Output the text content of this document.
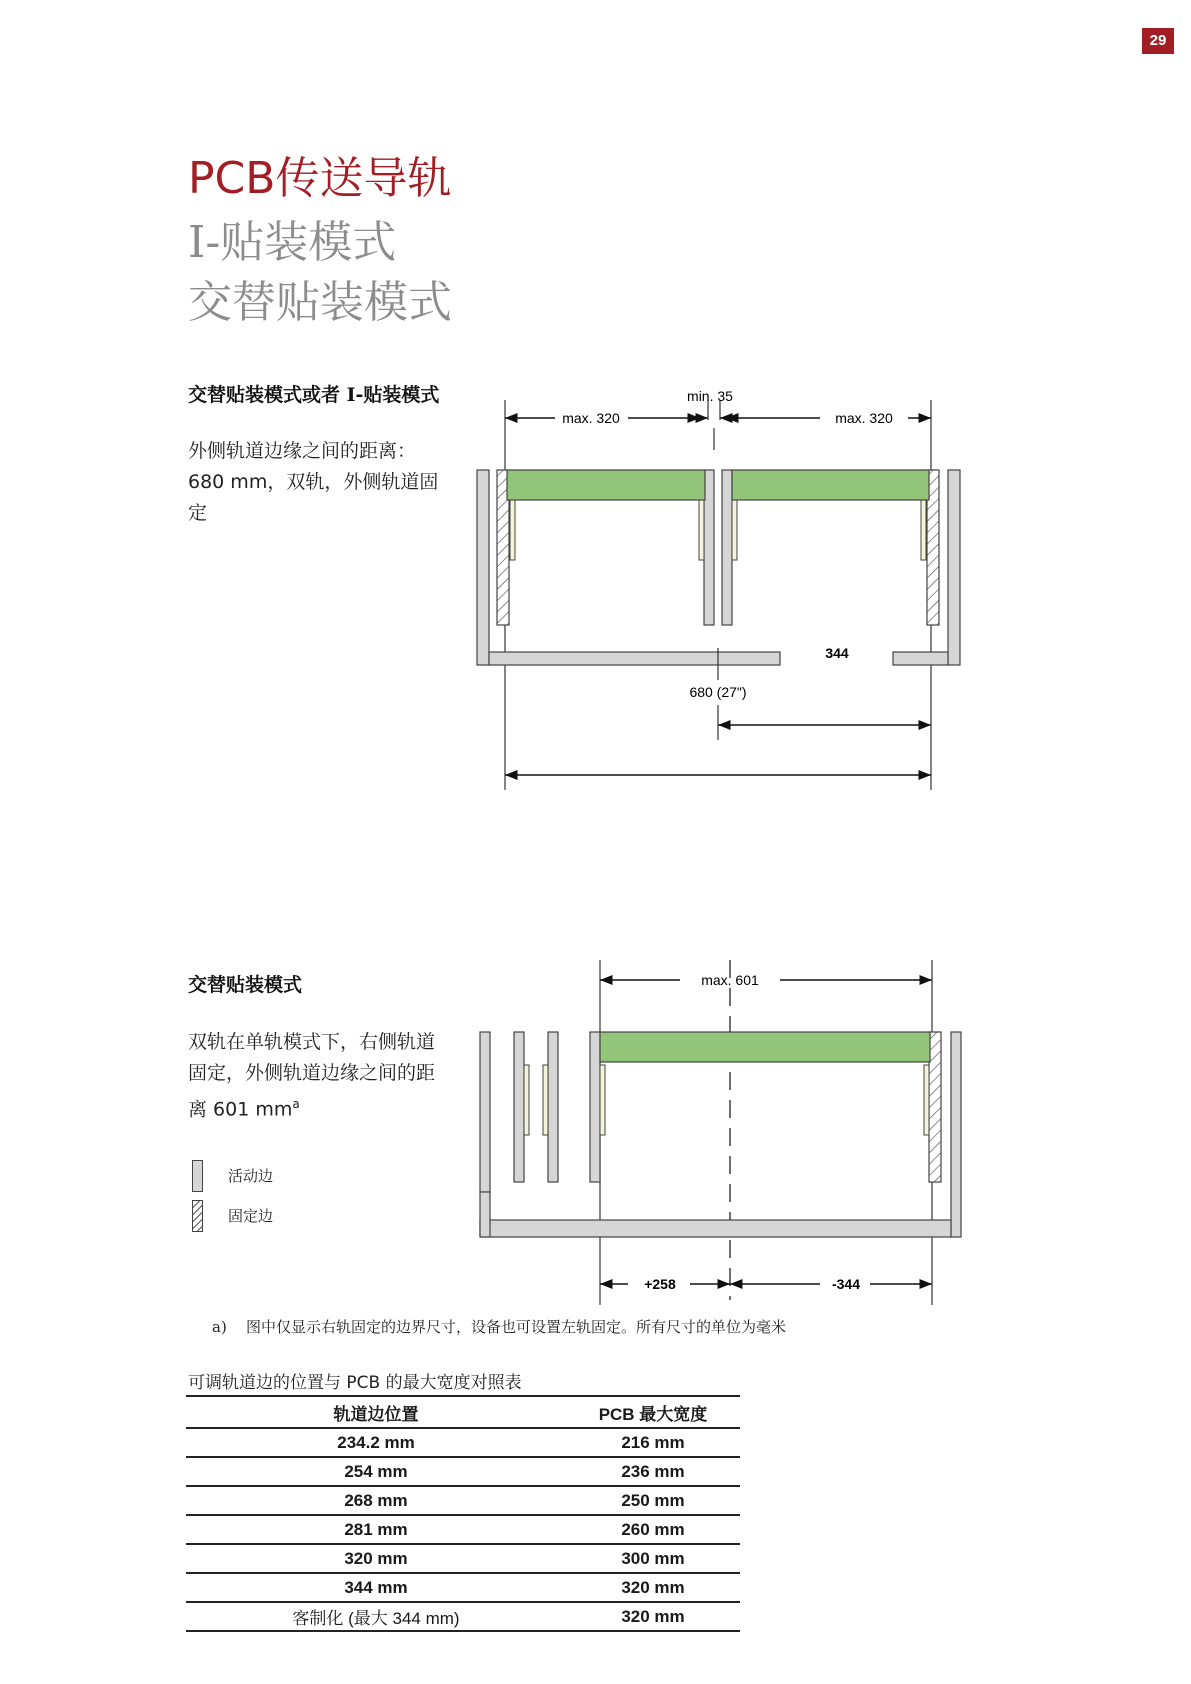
29
PCB传送导轨
I-贴装模式
交替贴装模式
交替贴装模式或者 I-贴装模式
外侧轨道边缘之间的距离：680 mm，双轨，外侧轨道固定
max. 320
min. 35
max. 320
344
680 (27")
交替贴装模式
双轨在单轨模式下，右侧轨道固定，外侧轨道边缘之间的距离 601 $mm^a$
活动边
固定边
max. 601
+258	-344
a) 图中仅显示右轨固定的边界尺寸，设备也可设置左轨固定。所有尺寸的单位为毫米
可调轨道边的位置与 PCB 的最大宽度对照表
轨道边位置	PCB 最大宽度
234.2 mm	216 mm
254 mm	236 mm
268 mm	250 mm
281 mm	260 mm
320 mm	300 mm
344 mm	320 mm
客制化 (最大 344 mm)	320 mm
